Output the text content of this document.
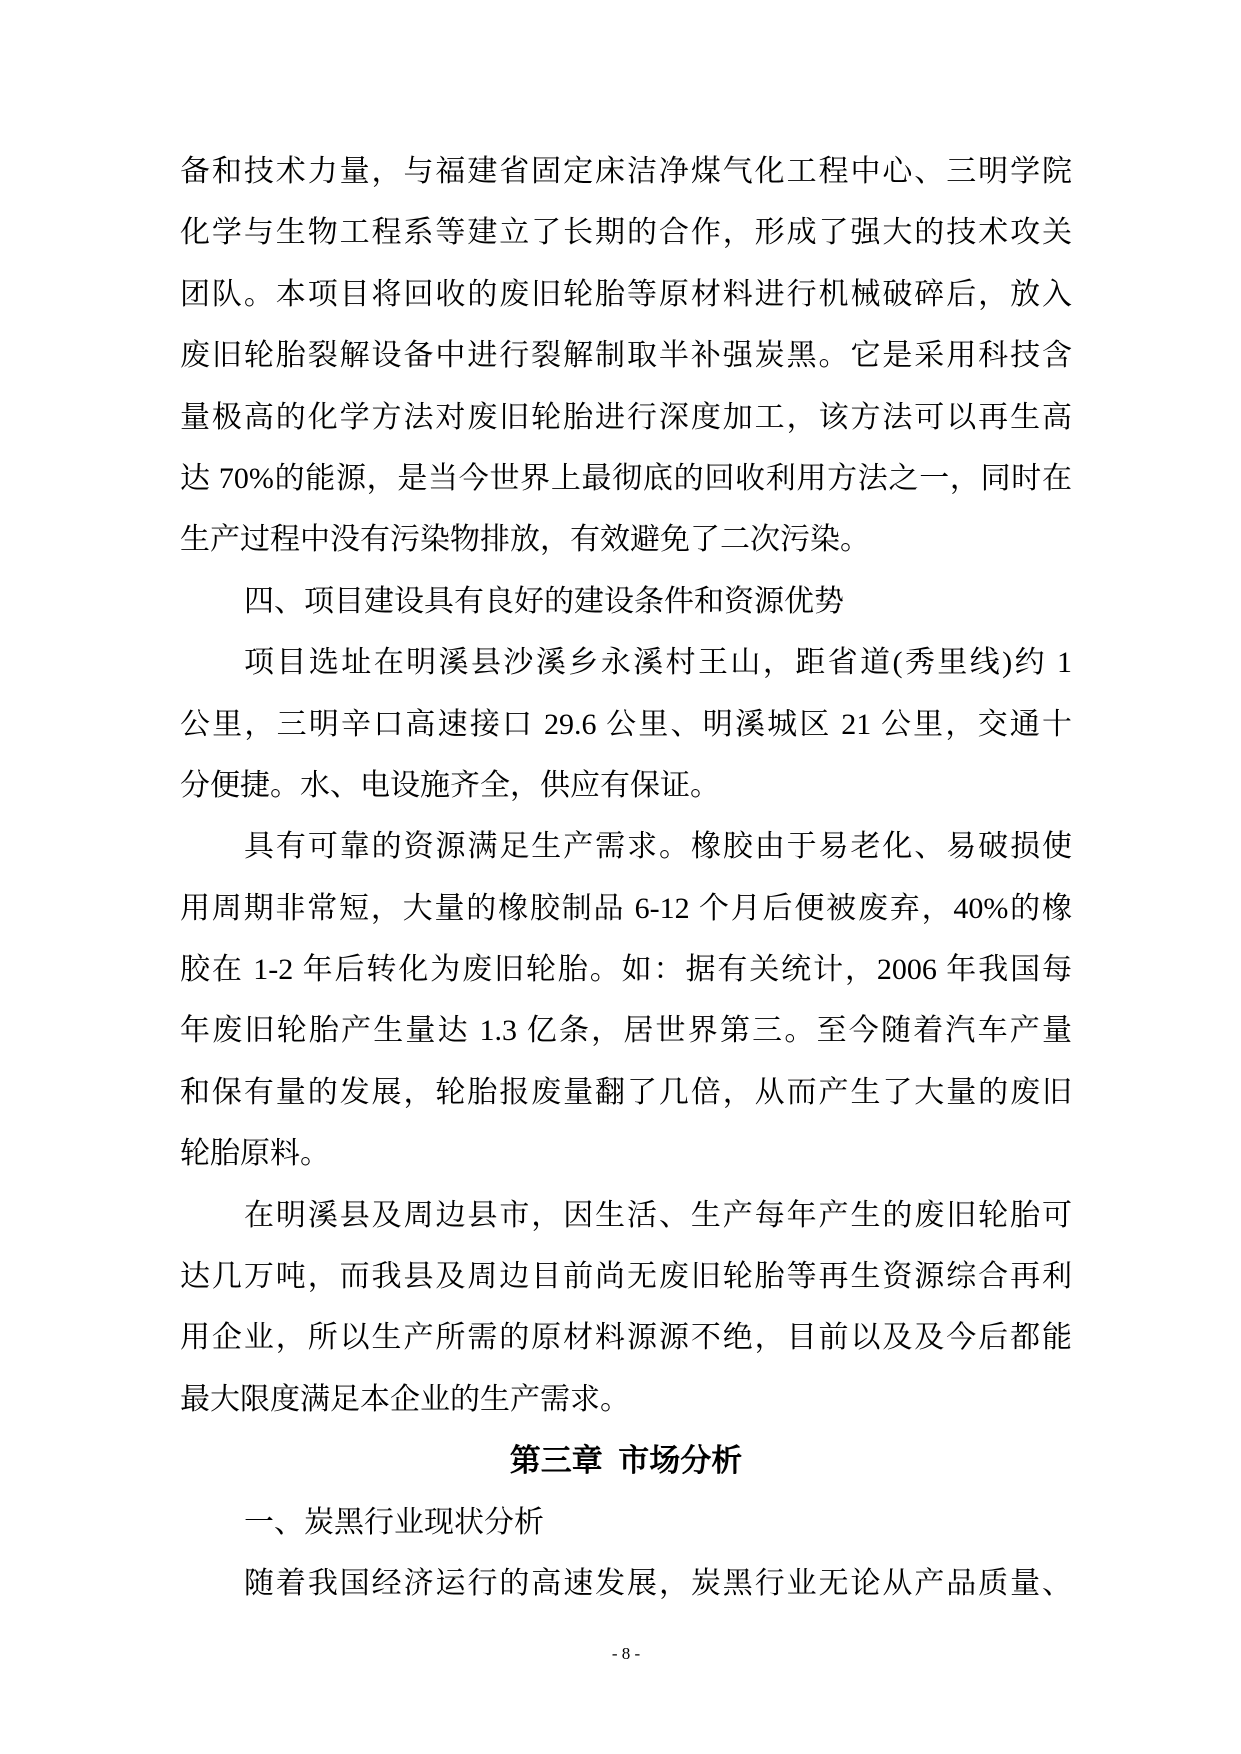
备和技术力量，与福建省固定床洁净煤气化工程中心、三明学院
化学与生物工程系等建立了长期的合作，形成了强大的技术攻关
团队。本项目将回收的废旧轮胎等原材料进行机械破碎后，放入
废旧轮胎裂解设备中进行裂解制取半补强炭黑。它是采用科技含
量极高的化学方法对废旧轮胎进行深度加工，该方法可以再生高
达 70%的能源，是当今世界上最彻底的回收利用方法之一，同时在
生产过程中没有污染物排放，有效避免了二次污染。
四、项目建设具有良好的建设条件和资源优势
项目选址在明溪县沙溪乡永溪村王山，距省道(秀里线)约 1
公里，三明辛口高速接口 29.6 公里、明溪城区 21 公里，交通十
分便捷。水、电设施齐全，供应有保证。
具有可靠的资源满足生产需求。橡胶由于易老化、易破损使
用周期非常短，大量的橡胶制品 6-12 个月后便被废弃，40%的橡
胶在 1-2 年后转化为废旧轮胎。如：据有关统计，2006 年我国每
年废旧轮胎产生量达 1.3 亿条，居世界第三。至今随着汽车产量
和保有量的发展，轮胎报废量翻了几倍，从而产生了大量的废旧
轮胎原料。
在明溪县及周边县市，因生活、生产每年产生的废旧轮胎可
达几万吨，而我县及周边目前尚无废旧轮胎等再生资源综合再利
用企业，所以生产所需的原材料源源不绝，目前以及及今后都能
最大限度满足本企业的生产需求。
第三章  市场分析
一、炭黑行业现状分析
随着我国经济运行的高速发展，炭黑行业无论从产品质量、
- 8 -
